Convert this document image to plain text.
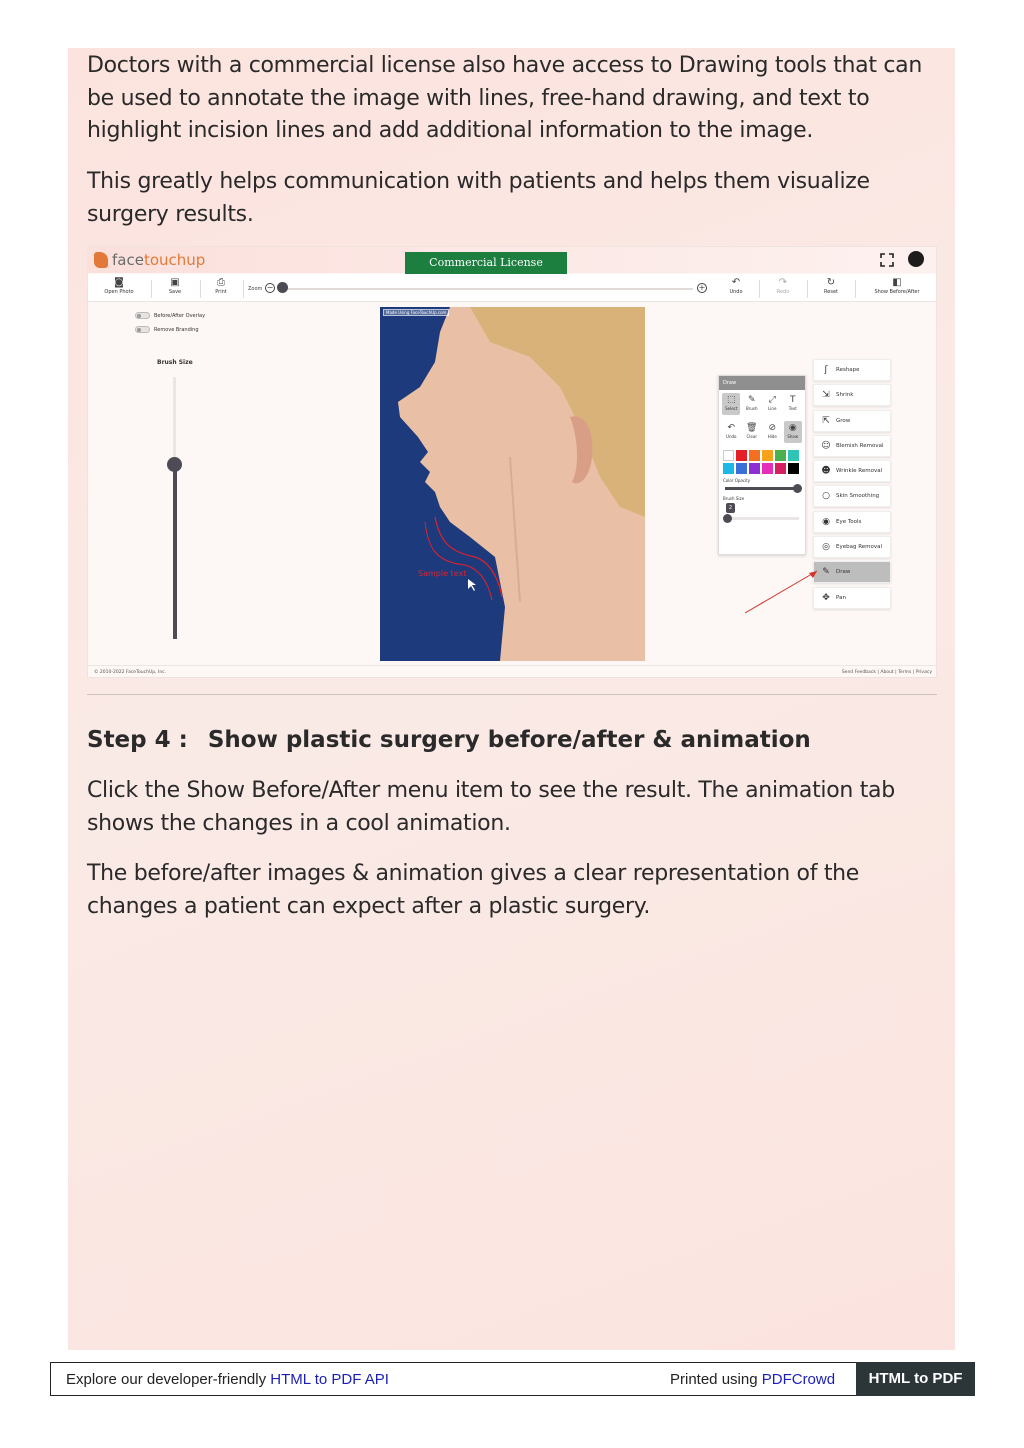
Doctors with a commercial license also have access to Drawing tools that can be used to annotate the image with lines, free-hand drawing, and text to highlight incision lines and add additional information to the image.

This greatly helps communication with patients and helps them visualize surgery results.

face touch up	Commercial License
◙
Open Photo
▣
Save
⎙
Print	Zoom −	+	↶
Undo
↷
Redo
↻
Reset
◧
Show Before/After
Before/After Overlay
Remove Branding
Brush Size
Made Using FaceTouchUp.com
Sample text
Draw
⬚
Select
✎
Brush
⤢
Line
T
Text
↶
Undo
🗑
Clear
⊘
Hide
◉
Show
Color Opacity
Brush Size
2
ʃ	Reshape
⇲	Shrink
⇱	Grow
☺ Blemish Removal
☻ Wrinkle Removal
○	Skin Smoothing
◉	Eye Tools
◎	Eyebag Removal
✎	Draw
✥	Pan
© 2010-2022 FaceTouchUp, Inc.	Send Feedback | About | Terms | Privacy
Step 4 : Show plastic surgery before/after & animation

Click the Show Before/After menu item to see the result. The animation tab shows the changes in a cool animation.

The before/after images & animation gives a clear representation of the changes a patient can expect after a plastic surgery.

Explore our developer-friendly HTML to PDF API	Printed using PDFCrowd	HTML to PDF
